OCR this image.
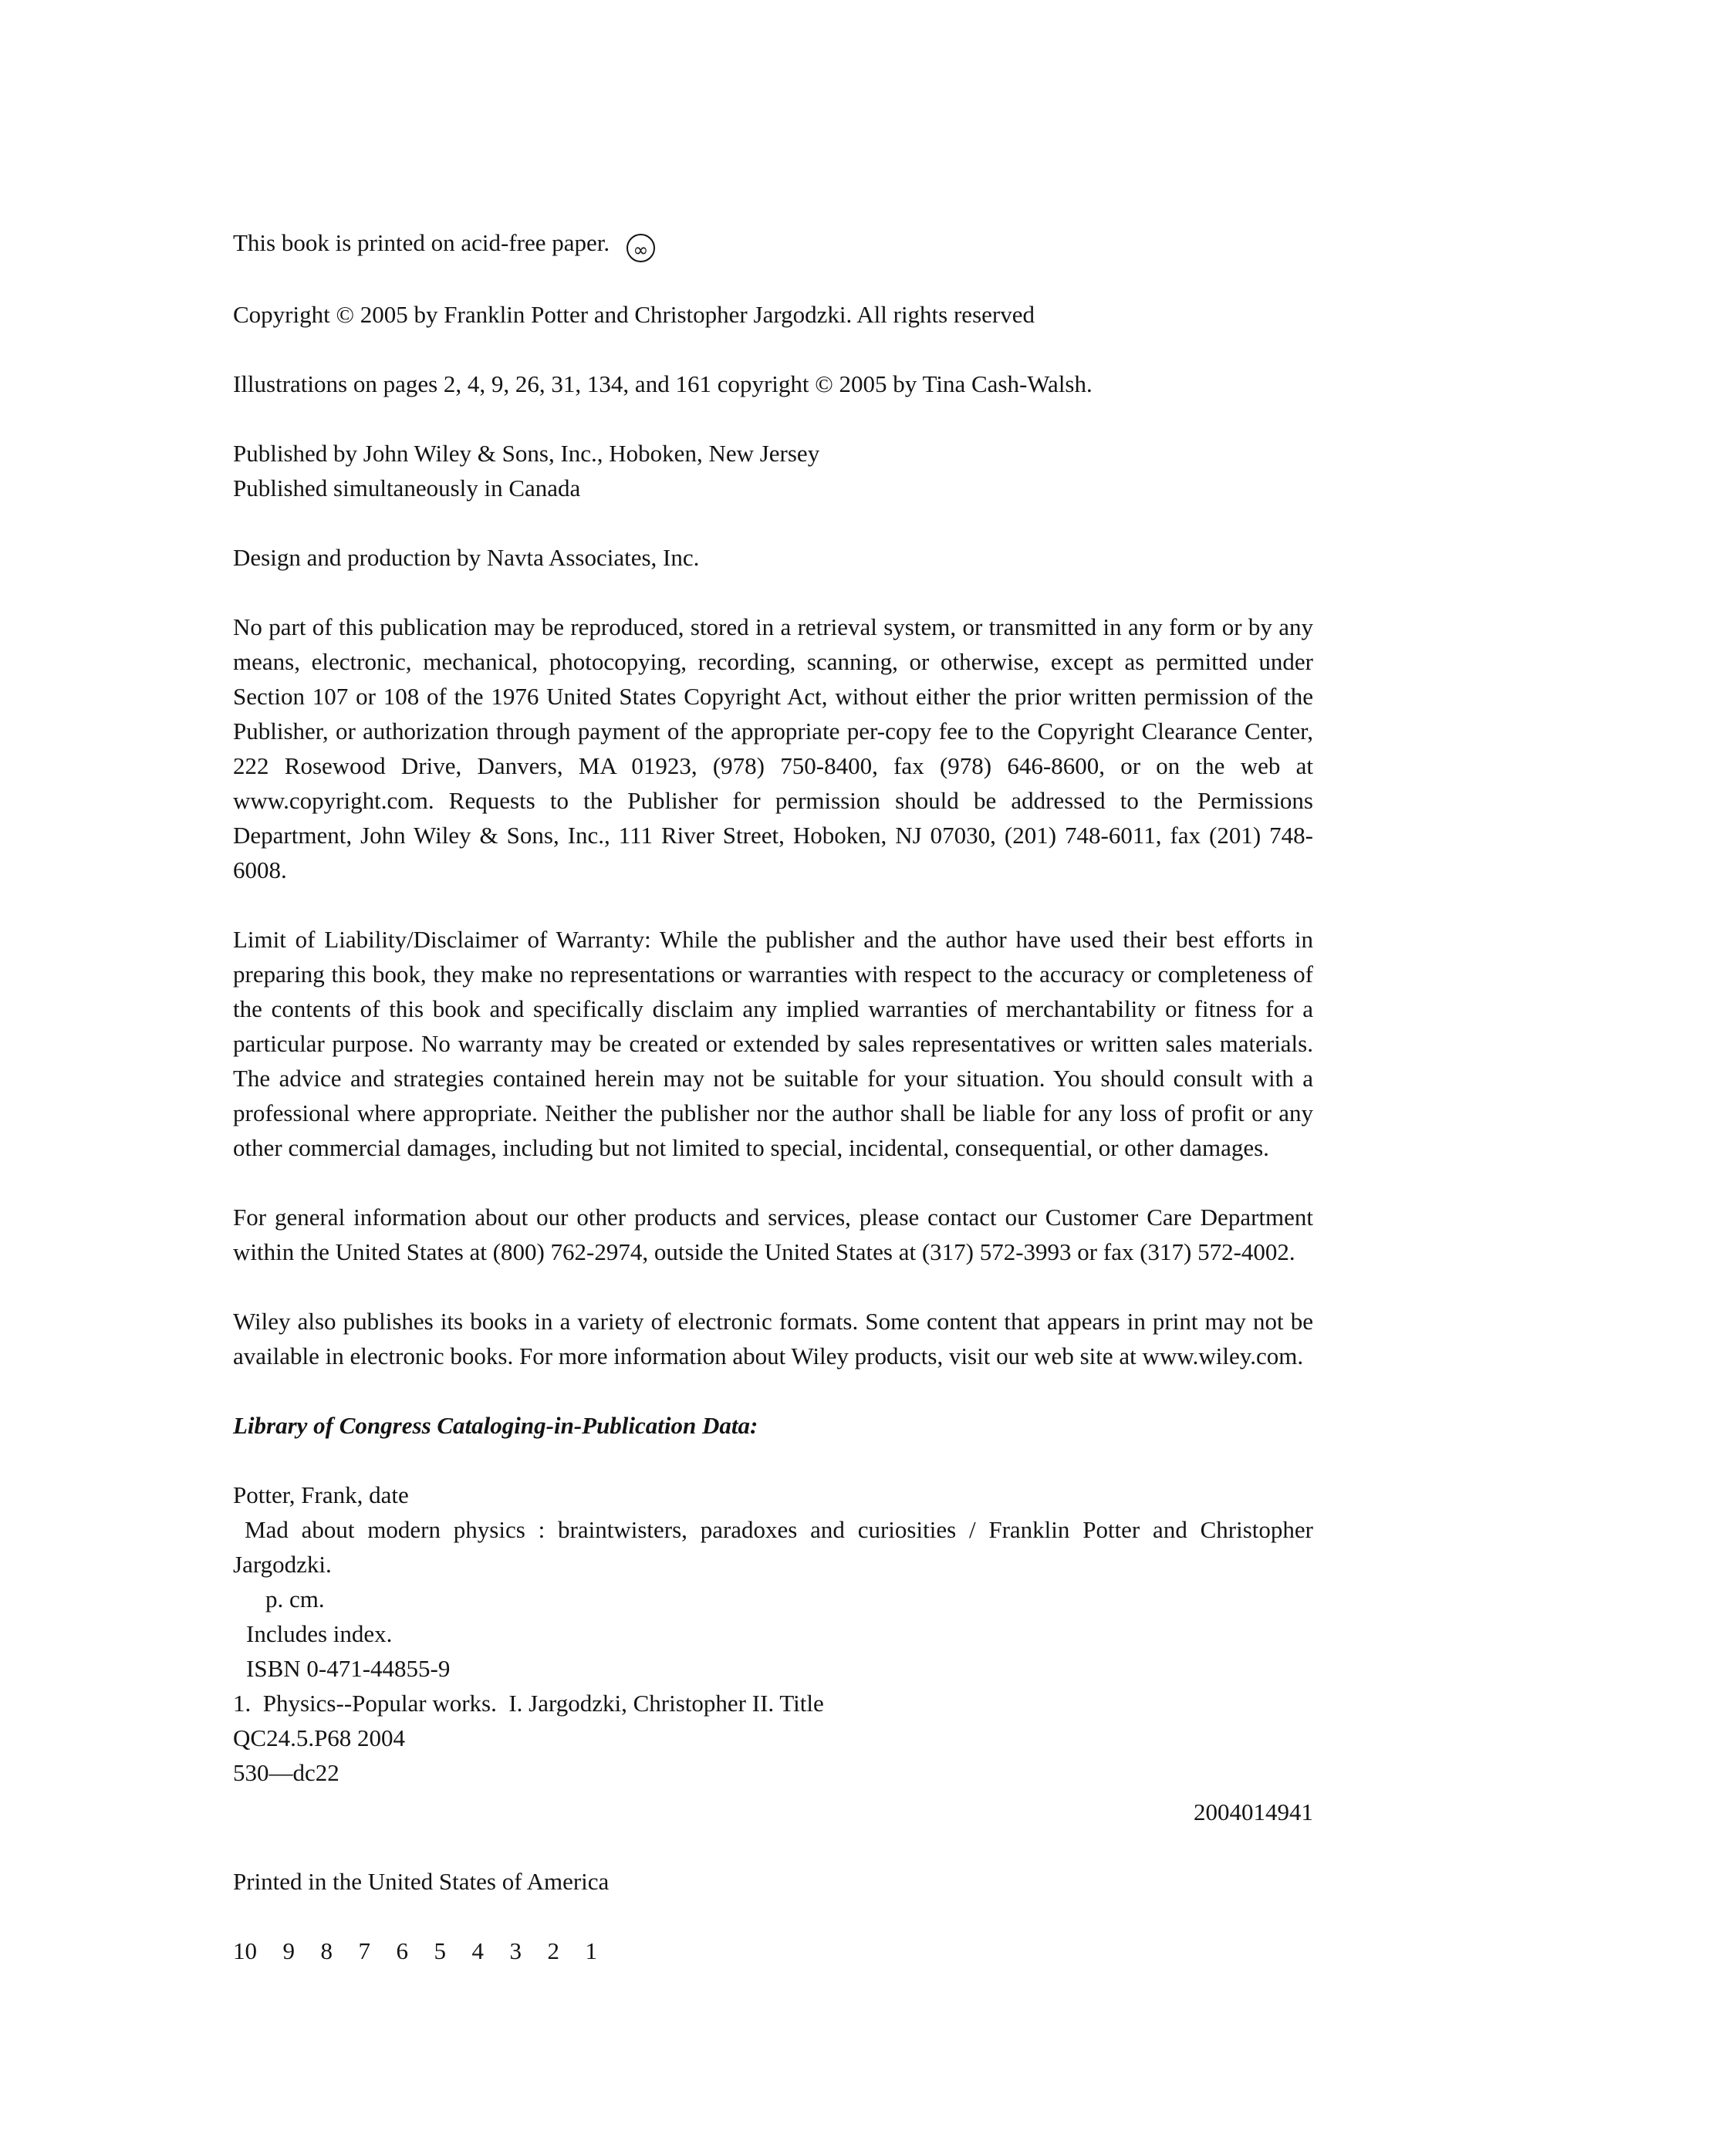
This book is printed on acid-free paper. ∞

Copyright © 2005 by Franklin Potter and Christopher Jargodzki. All rights reserved

Illustrations on pages 2, 4, 9, 26, 31, 134, and 161 copyright © 2005 by Tina Cash-Walsh.

Published by John Wiley & Sons, Inc., Hoboken, New Jersey
Published simultaneously in Canada

Design and production by Navta Associates, Inc.

No part of this publication may be reproduced, stored in a retrieval system, or transmitted in any form or by any means, electronic, mechanical, photocopying, recording, scanning, or otherwise, except as permitted under Section 107 or 108 of the 1976 United States Copyright Act, without either the prior written permission of the Publisher, or authorization through payment of the appropriate per-copy fee to the Copyright Clearance Center, 222 Rosewood Drive, Danvers, MA 01923, (978) 750-8400, fax (978) 646-8600, or on the web at www.copyright.com. Requests to the Publisher for permission should be addressed to the Permissions Department, John Wiley & Sons, Inc., 111 River Street, Hoboken, NJ 07030, (201) 748-6011, fax (201) 748-6008.

Limit of Liability/Disclaimer of Warranty: While the publisher and the author have used their best efforts in preparing this book, they make no representations or warranties with respect to the accuracy or completeness of the contents of this book and specifically disclaim any implied warranties of merchantability or fitness for a particular purpose. No warranty may be created or extended by sales representatives or written sales materials. The advice and strategies contained herein may not be suitable for your situation. You should consult with a professional where appropriate. Neither the publisher nor the author shall be liable for any loss of profit or any other commercial damages, including but not limited to special, incidental, consequential, or other damages.

For general information about our other products and services, please contact our Customer Care Department within the United States at (800) 762-2974, outside the United States at (317) 572-3993 or fax (317) 572-4002.

Wiley also publishes its books in a variety of electronic formats. Some content that appears in print may not be available in electronic books. For more information about Wiley products, visit our web site at www.wiley.com.

Library of Congress Cataloging-in-Publication Data:

Potter, Frank, date
Mad about modern physics : braintwisters, paradoxes and curiosities / Franklin Potter and Christopher Jargodzki.
p. cm.
Includes index.
ISBN 0-471-44855-9
1.  Physics--Popular works.  I. Jargodzki, Christopher II. Title
QC24.5.P68 2004
530—dc22
2004014941

Printed in the United States of America

10  9  8  7  6  5  4  3  2  1
